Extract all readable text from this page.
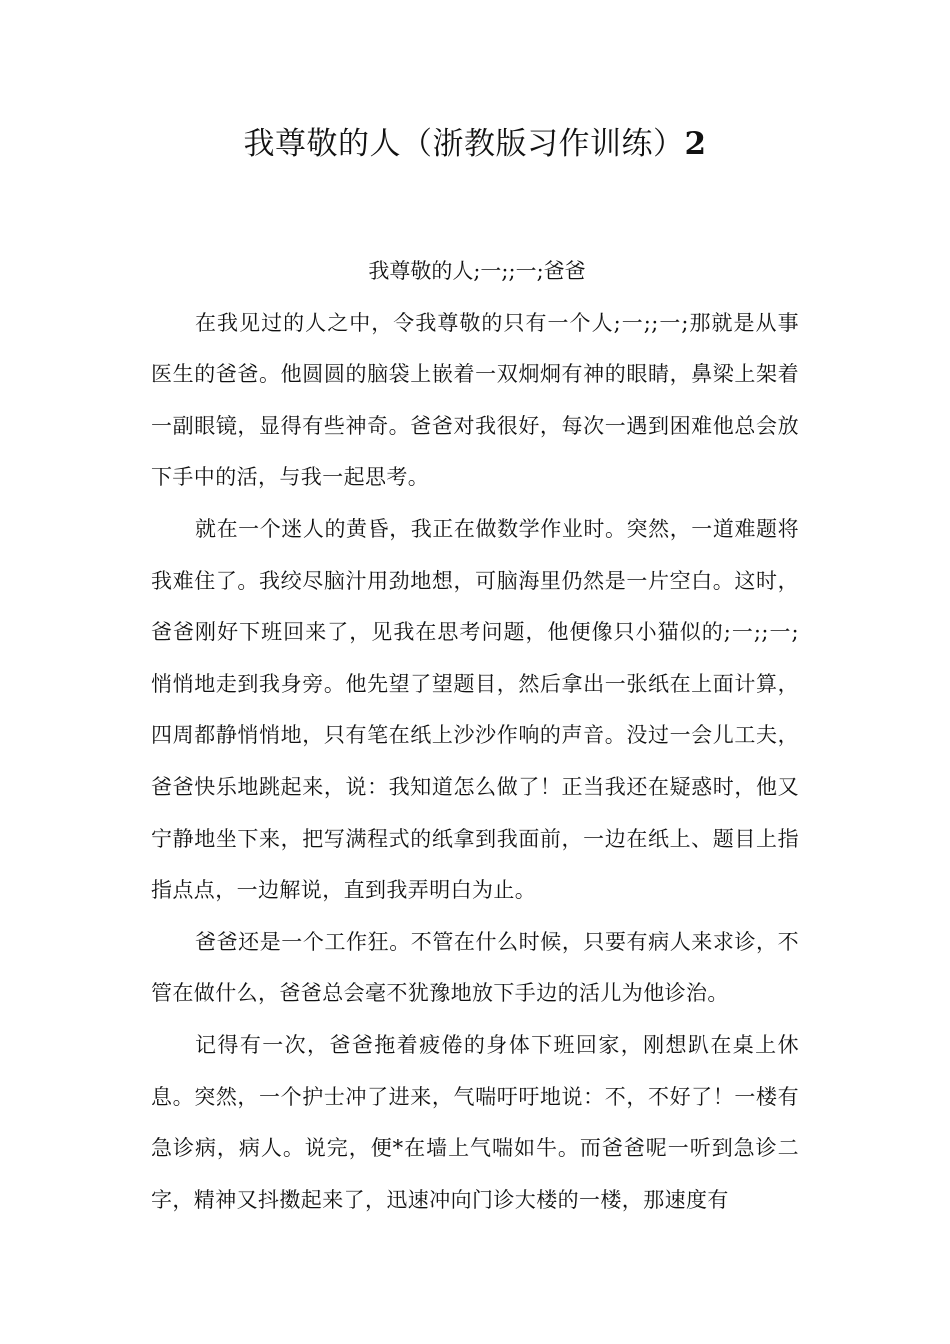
我尊敬的人（浙教版习作训练）2

我尊敬的人;一;;一;爸爸

在我见过的人之中，令我尊敬的只有一个人;一;;一;那就是从事医生的爸爸。他圆圆的脑袋上嵌着一双炯炯有神的眼睛，鼻梁上架着一副眼镜，显得有些神奇。爸爸对我很好，每次一遇到困难他总会放下手中的活，与我一起思考。

就在一个迷人的黄昏，我正在做数学作业时。突然，一道难题将我难住了。我绞尽脑汁用劲地想，可脑海里仍然是一片空白。这时，爸爸刚好下班回来了，见我在思考问题，他便像只小猫似的;一;;一;悄悄地走到我身旁。他先望了望题目，然后拿出一张纸在上面计算，四周都静悄悄地，只有笔在纸上沙沙作响的声音。没过一会儿工夫，爸爸快乐地跳起来，说：我知道怎么做了！正当我还在疑惑时，他又宁静地坐下来，把写满程式的纸拿到我面前，一边在纸上、题目上指指点点，一边解说，直到我弄明白为止。

爸爸还是一个工作狂。不管在什么时候，只要有病人来求诊，不管在做什么，爸爸总会毫不犹豫地放下手边的活儿为他诊治。

记得有一次，爸爸拖着疲倦的身体下班回家，刚想趴在桌上休息。突然，一个护士冲了进来，气喘吁吁地说：不，不好了！一楼有急诊病，病人。说完，便*在墙上气喘如牛。而爸爸呢一听到急诊二字，精神又抖擞起来了，迅速冲向门诊大楼的一楼，那速度有
